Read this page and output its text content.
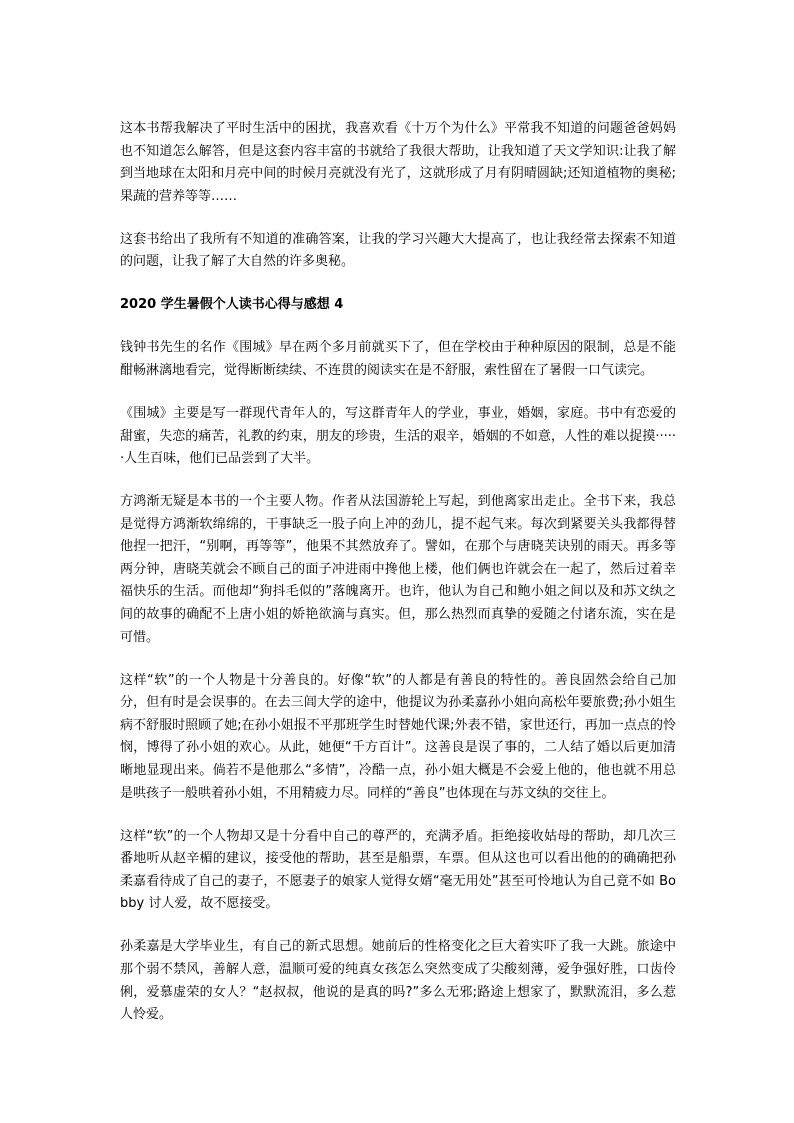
这本书帮我解决了平时生活中的困扰，我喜欢看《十万个为什么》平常我不知道的问题爸爸妈妈也不知道怎么解答，但是这套内容丰富的书就给了我很大帮助，让我知道了天文学知识:让我了解到当地球在太阳和月亮中间的时候月亮就没有光了，这就形成了月有阴晴圆缺;还知道植物的奥秘;果蔬的营养等等……

这套书给出了我所有不知道的准确答案，让我的学习兴趣大大提高了，也让我经常去探索不知道的问题，让我了解了大自然的许多奥秘。

2020 学生暑假个人读书心得与感想 4

钱钟书先生的名作《围城》早在两个多月前就买下了，但在学校由于种种原因的限制，总是不能酣畅淋漓地看完，觉得断断续续、不连贯的阅读实在是不舒服，索性留在了暑假一口气读完。

《围城》主要是写一群现代青年人的，写这群青年人的学业，事业，婚姻，家庭。书中有恋爱的甜蜜，失恋的痛苦，礼教的约束，朋友的珍贵，生活的艰辛，婚姻的不如意，人性的难以捉摸······人生百味，他们已品尝到了大半。

方鸿渐无疑是本书的一个主要人物。作者从法国游轮上写起，到他离家出走止。全书下来，我总是觉得方鸿渐软绵绵的，干事缺乏一股子向上冲的劲儿，提不起气来。每次到紧要关头我都得替他捏一把汗，“别啊，再等等”，他果不其然放弃了。譬如，在那个与唐晓芙诀别的雨天。再多等两分钟，唐晓芙就会不顾自己的面子冲进雨中搀他上楼，他们俩也许就会在一起了，然后过着幸福快乐的生活。而他却“狗抖毛似的”落魄离开。也许，他认为自己和鲍小姐之间以及和苏文纨之间的故事的确配不上唐小姐的娇艳欲滴与真实。但，那么热烈而真挚的爱随之付诸东流，实在是可惜。

这样“软”的一个人物是十分善良的。好像“软”的人都是有善良的特性的。善良固然会给自己加分，但有时是会误事的。在去三闾大学的途中，他提议为孙柔嘉孙小姐向高松年要旅费;孙小姐生病不舒服时照顾了她;在孙小姐报不平那班学生时替她代课;外表不错，家世还行，再加一点点的怜悯，博得了孙小姐的欢心。从此，她便“千方百计”。这善良是误了事的，二人结了婚以后更加清晰地显现出来。倘若不是他那么“多情”，冷酷一点，孙小姐大概是不会爱上他的，他也就不用总是哄孩子一般哄着孙小姐，不用精疲力尽。同样的“善良”也体现在与苏文纨的交往上。

这样“软”的一个人物却又是十分看中自己的尊严的，充满矛盾。拒绝接收姑母的帮助，却几次三番地听从赵辛楣的建议，接受他的帮助，甚至是船票，车票。但从这也可以看出他的的确确把孙柔嘉看待成了自己的妻子，不愿妻子的娘家人觉得女婿“毫无用处”甚至可怜地认为自己竟不如 Bobby 讨人爱，故不愿接受。

孙柔嘉是大学毕业生，有自己的新式思想。她前后的性格变化之巨大着实吓了我一大跳。旅途中那个弱不禁风，善解人意，温顺可爱的纯真女孩怎么突然变成了尖酸刻薄，爱争强好胜，口齿伶俐，爱慕虚荣的女人？“赵叔叔，他说的是真的吗?”多么无邪;路途上想家了，默默流泪，多么惹人怜爱。
